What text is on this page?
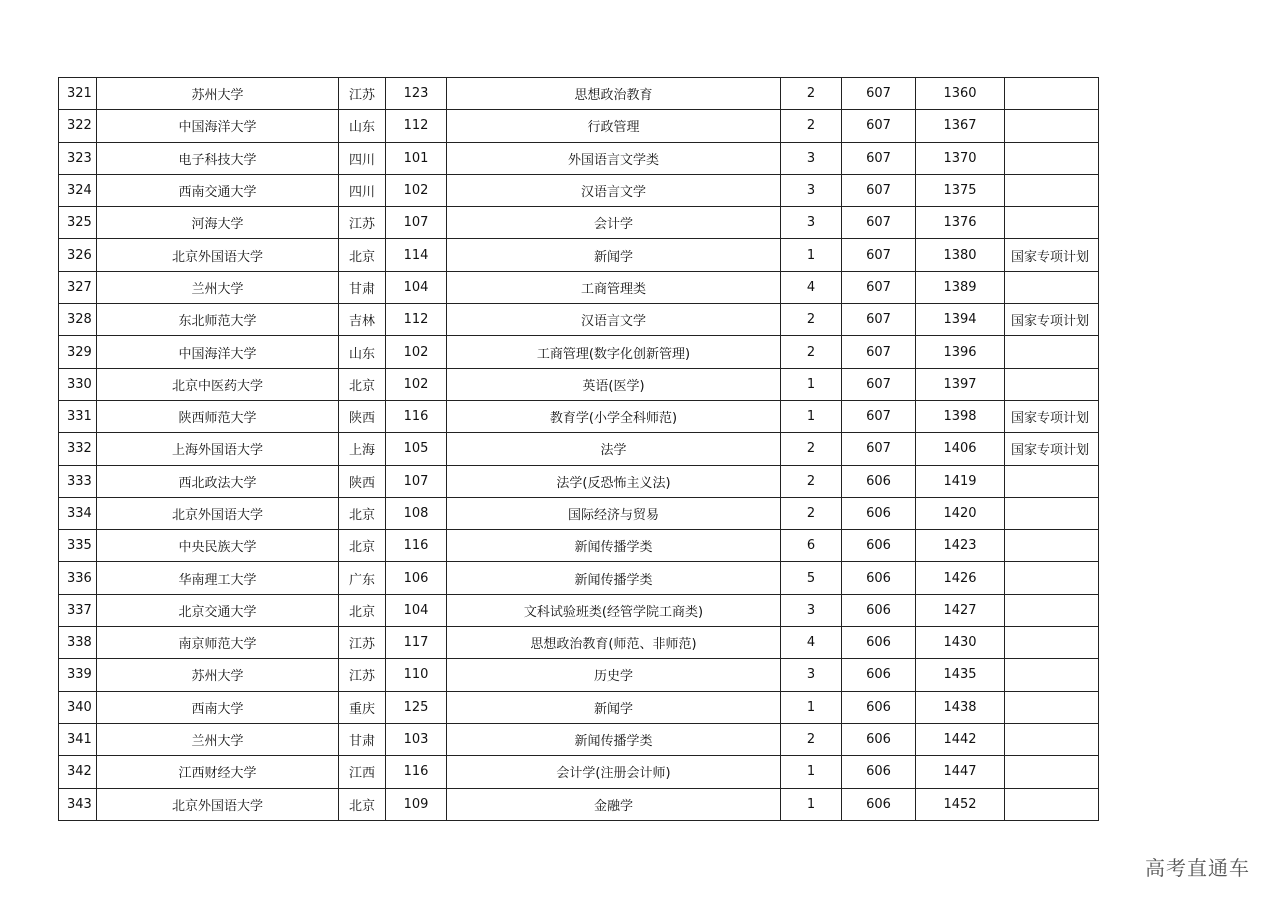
321	苏州大学	江苏	123	思想政治教育	2	607	1360	
322	中国海洋大学	山东	112	行政管理	2	607	1367	
323	电子科技大学	四川	101	外国语言文学类	3	607	1370	
324	西南交通大学	四川	102	汉语言文学	3	607	1375	
325	河海大学	江苏	107	会计学	3	607	1376	
326	北京外国语大学	北京	114	新闻学	1	607	1380	国家专项计划
327	兰州大学	甘肃	104	工商管理类	4	607	1389	
328	东北师范大学	吉林	112	汉语言文学	2	607	1394	国家专项计划
329	中国海洋大学	山东	102	工商管理(数字化创新管理)	2	607	1396	
330	北京中医药大学	北京	102	英语(医学)	1	607	1397	
331	陕西师范大学	陕西	116	教育学(小学全科师范)	1	607	1398	国家专项计划
332	上海外国语大学	上海	105	法学	2	607	1406	国家专项计划
333	西北政法大学	陕西	107	法学(反恐怖主义法)	2	606	1419	
334	北京外国语大学	北京	108	国际经济与贸易	2	606	1420	
335	中央民族大学	北京	116	新闻传播学类	6	606	1423	
336	华南理工大学	广东	106	新闻传播学类	5	606	1426	
337	北京交通大学	北京	104	文科试验班类(经管学院工商类)	3	606	1427	
338	南京师范大学	江苏	117	思想政治教育(师范、非师范)	4	606	1430	
339	苏州大学	江苏	110	历史学	3	606	1435	
340	西南大学	重庆	125	新闻学	1	606	1438	
341	兰州大学	甘肃	103	新闻传播学类	2	606	1442	
342	江西财经大学	江西	116	会计学(注册会计师)	1	606	1447	
343	北京外国语大学	北京	109	金融学	1	606	1452	
高考直通车
